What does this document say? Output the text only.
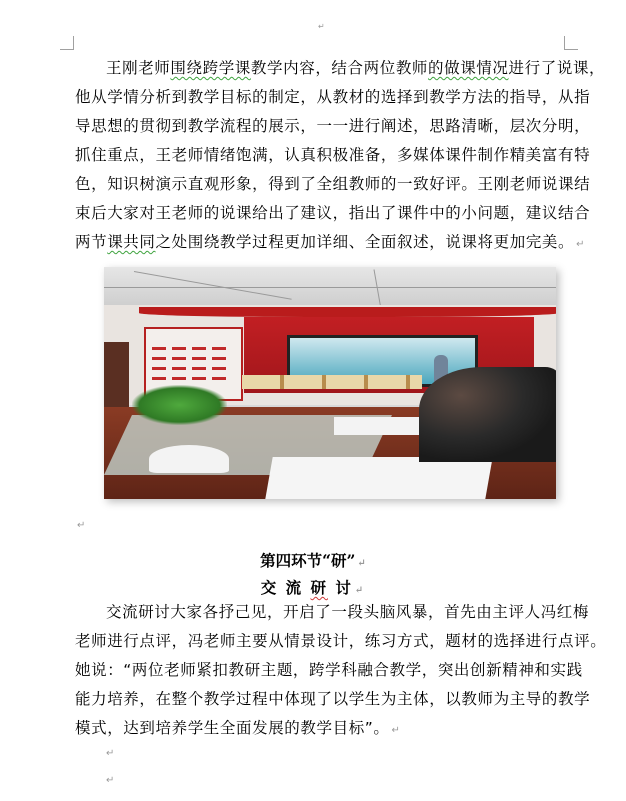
↵
王刚老师围绕跨学课教学内容，结合两位教师的做课情况进行了说课，
他从学情分析到教学目标的制定，从教材的选择到教学方法的指导，从指
导思想的贯彻到教学流程的展示，一一进行阐述，思路清晰，层次分明，
抓住重点，王老师情绪饱满，认真积极准备，多媒体课件制作精美富有特
色，知识树演示直观形象，得到了全组教师的一致好评。王刚老师说课结
束后大家对王老师的说课给出了建议，指出了课件中的小问题，建议结合
两节课共同之处围绕教学过程更加详细、全面叙述，说课将更加完美。 ↵
↵
第四环节“研” ↵
交 流 研 讨 ↵
交流研讨大家各抒己见，开启了一段头脑风暴，首先由主评人冯红梅
老师进行点评，冯老师主要从情景设计，练习方式，题材的选择进行点评。
她说：“两位老师紧扣教研主题，跨学科融合教学，突出创新精神和实践
能力培养，在整个教学过程中体现了以学生为主体，以教师为主导的教学
模式，达到培养学生全面发展的教学目标”。 ↵
↵
↵
